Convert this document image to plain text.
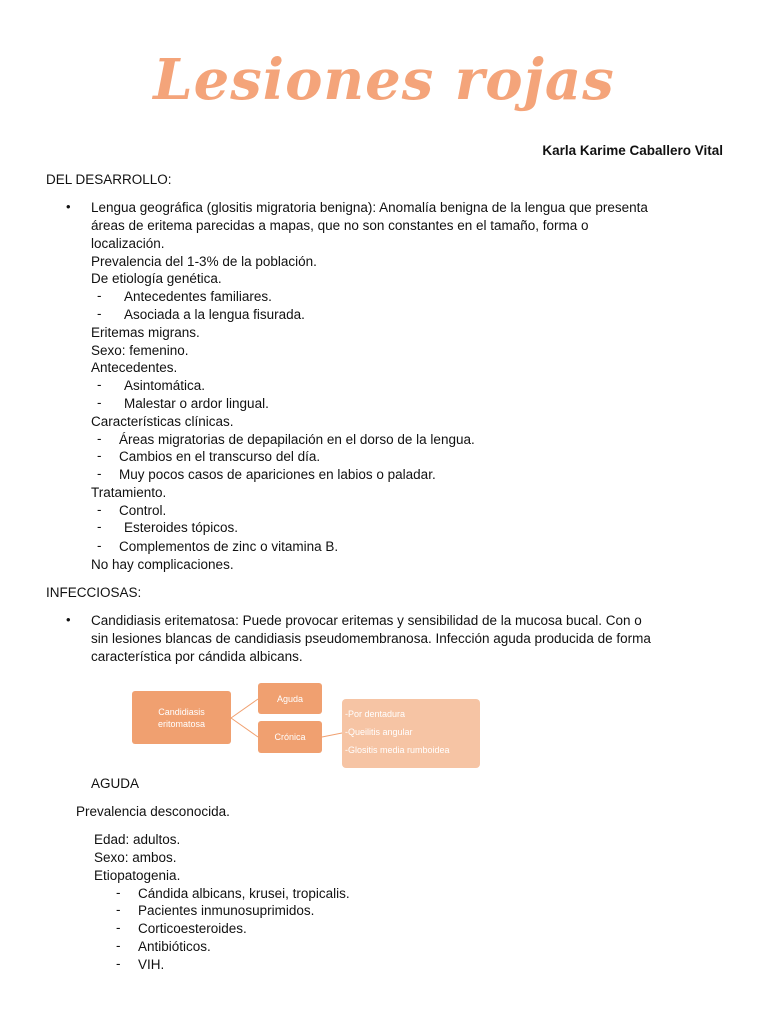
Lesiones rojas
Karla Karime Caballero Vital
DEL DESARROLLO:
• Lengua geográfica (glositis migratoria benigna): Anomalía benigna de la lengua que presenta
áreas de eritema parecidas a mapas, que no son constantes en el tamaño, forma o
localización.
Prevalencia del 1-3% de la población.
De etiología genética.
- Antecedentes familiares.
- Asociada a la lengua fisurada.
Eritemas migrans.
Sexo: femenino.
Antecedentes.
- Asintomática.
- Malestar o ardor lingual.
Características clínicas.
- Áreas migratorias de depapilación en el dorso de la lengua.
- Cambios en el transcurso del día.
- Muy pocos casos de apariciones en labios o paladar.
Tratamiento.
- Control.
- Esteroides tópicos.
- Complementos de zinc o vitamina B.
No hay complicaciones.
INFECCIOSAS:
• Candidiasis eritematosa: Puede provocar eritemas y sensibilidad de la mucosa bucal. Con o
sin lesiones blancas de candidiasis pseudomembranosa. Infección aguda producida de forma
característica por cándida albicans.
Candidiasis
eritomatosa
Aguda
Crónica
-Por dentadura
-Queilitis angular
-Glositis media rumboidea
AGUDA
Prevalencia desconocida.
Edad: adultos.
Sexo: ambos.
Etiopatogenia.
- Cándida albicans, krusei, tropicalis.
- Pacientes inmunosuprimidos.
- Corticoesteroides.
- Antibióticos.
- VIH.
